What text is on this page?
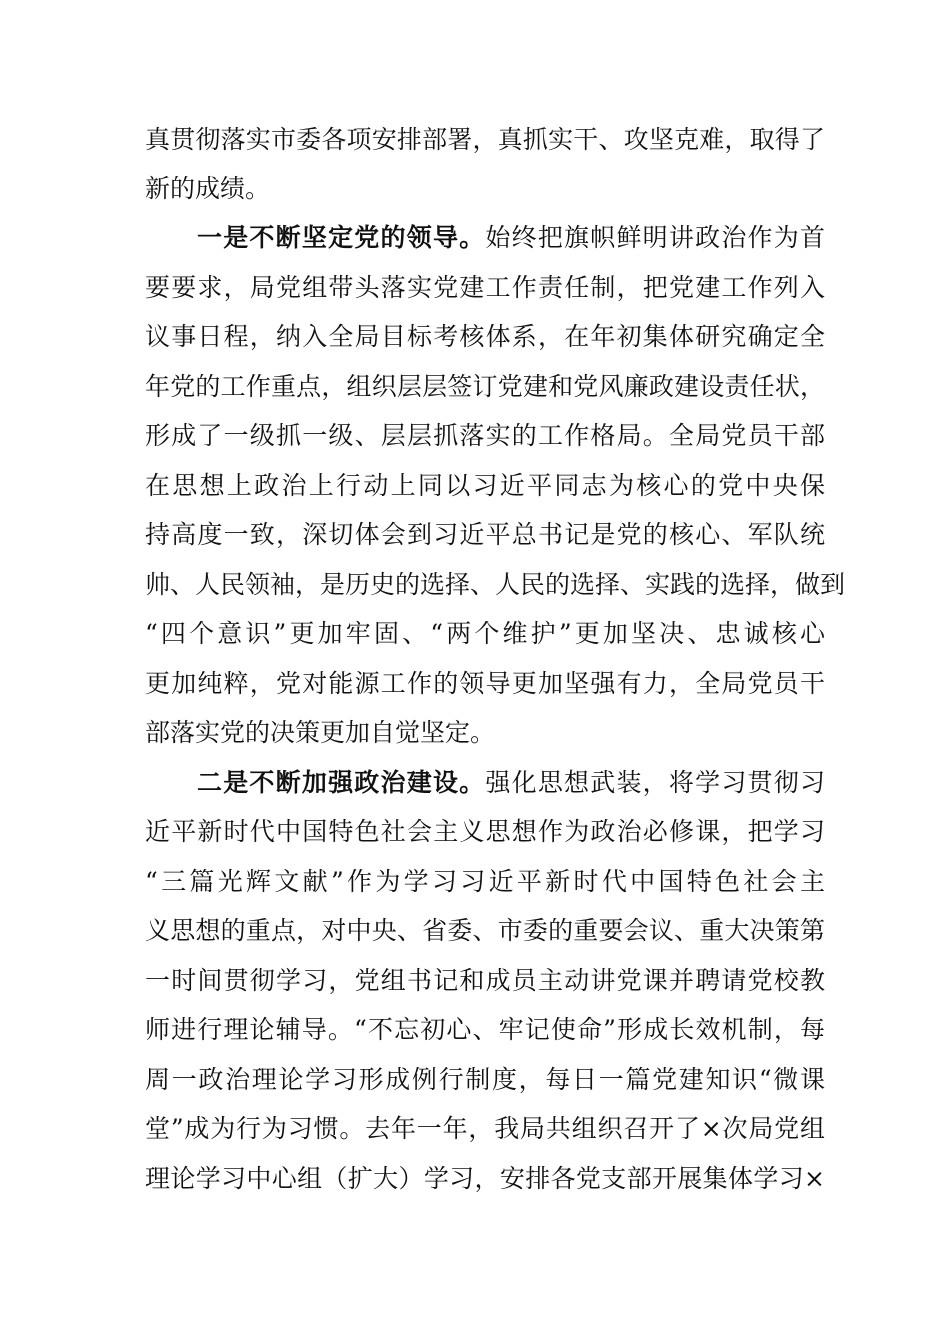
真贯彻落实市委各项安排部署，真抓实干、攻坚克难，取得了
新的成绩。
一是不断坚定党的领导。始终把旗帜鲜明讲政治作为首
要要求，局党组带头落实党建工作责任制，把党建工作列入
议事日程，纳入全局目标考核体系，在年初集体研究确定全
年党的工作重点，组织层层签订党建和党风廉政建设责任状，
形成了一级抓一级、层层抓落实的工作格局。全局党员干部
在思想上政治上行动上同以习近平同志为核心的党中央保
持高度一致，深切体会到习近平总书记是党的核心、军队统
帅、人民领袖，是历史的选择、人民的选择、实践的选择，做到
“四个意识”更加牢固、“两个维护”更加坚决、忠诚核心
更加纯粹，党对能源工作的领导更加坚强有力，全局党员干
部落实党的决策更加自觉坚定。
二是不断加强政治建设。强化思想武装，将学习贯彻习
近平新时代中国特色社会主义思想作为政治必修课，把学习
“三篇光辉文献”作为学习习近平新时代中国特色社会主
义思想的重点，对中央、省委、市委的重要会议、重大决策第
一时间贯彻学习，党组书记和成员主动讲党课并聘请党校教
师进行理论辅导。“不忘初心、牢记使命”形成长效机制，每
周一政治理论学习形成例行制度，每日一篇党建知识“微课
堂”成为行为习惯。去年一年，我局共组织召开了×次局党组
理论学习中心组（扩大）学习，安排各党支部开展集体学习×
